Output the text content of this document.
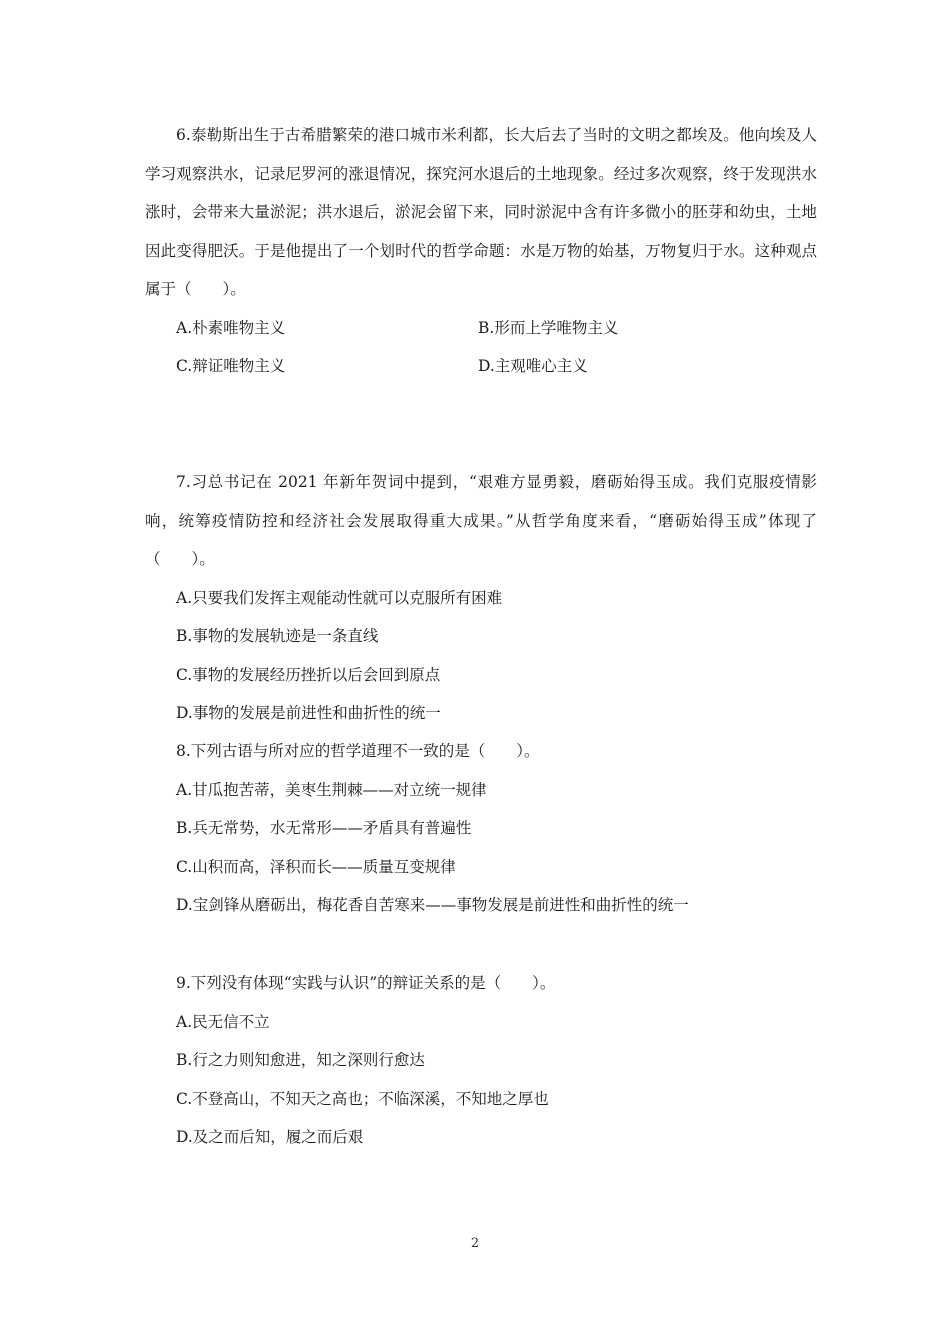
6.泰勒斯出生于古希腊繁荣的港口城市米利都，长大后去了当时的文明之都埃及。他向埃及人学习观察洪水，记录尼罗河的涨退情况，探究河水退后的土地现象。经过多次观察，终于发现洪水涨时，会带来大量淤泥；洪水退后，淤泥会留下来，同时淤泥中含有许多微小的胚芽和幼虫，土地因此变得肥沃。于是他提出了一个划时代的哲学命题：水是万物的始基，万物复归于水。这种观点属于（　　）。

A.朴素唯物主义	B.形而上学唯物主义
C.辩证唯物主义	D.主观唯心主义

7.习总书记在 2021 年新年贺词中提到，“艰难方显勇毅，磨砺始得玉成。我们克服疫情影响，统筹疫情防控和经济社会发展取得重大成果。”从哲学角度来看，“磨砺始得玉成”体现了（　　）。

A.只要我们发挥主观能动性就可以克服所有困难

B.事物的发展轨迹是一条直线

C.事物的发展经历挫折以后会回到原点

D.事物的发展是前进性和曲折性的统一

8.下列古语与所对应的哲学道理不一致的是（　　）。

A.甘瓜抱苦蒂，美枣生荆棘——对立统一规律

B.兵无常势，水无常形——矛盾具有普遍性

C.山积而高，泽积而长——质量互变规律

D.宝剑锋从磨砺出，梅花香自苦寒来——事物发展是前进性和曲折性的统一

9.下列没有体现“实践与认识”的辩证关系的是（　　）。

A.民无信不立

B.行之力则知愈进，知之深则行愈达

C.不登高山，不知天之高也；不临深溪，不知地之厚也

D.及之而后知，履之而后艰

2
